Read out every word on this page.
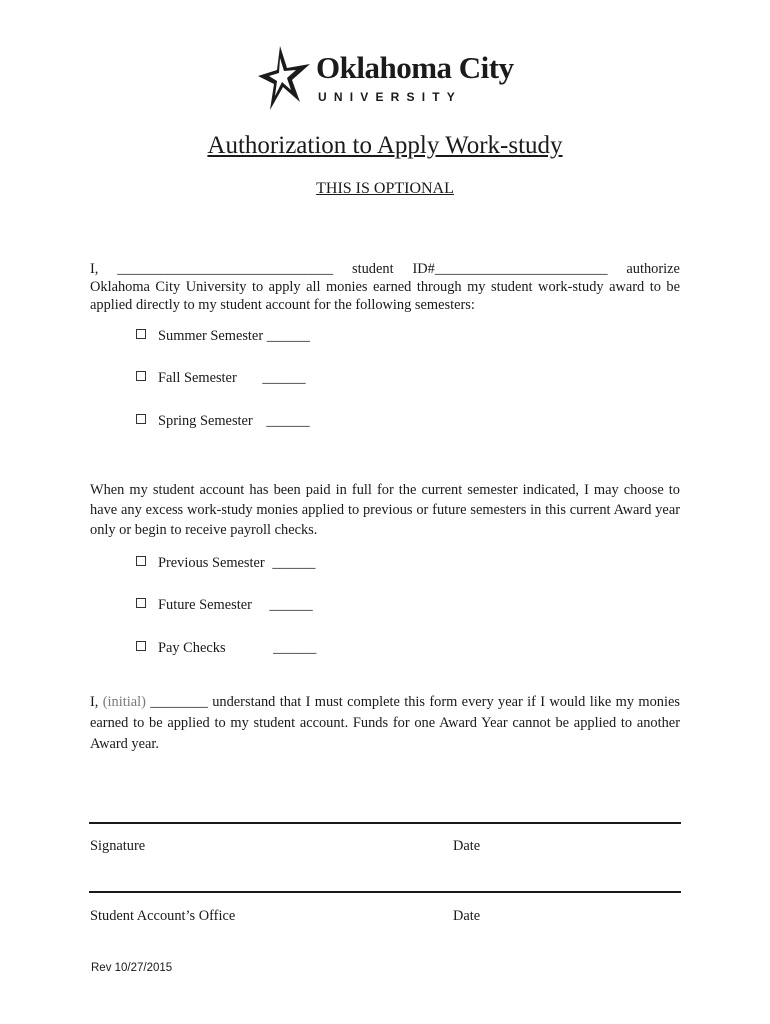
Oklahoma City
UNIVERSITY
Authorization to Apply Work-study
THIS IS OPTIONAL
I, ______________________________ student ID#________________________ authorize
Oklahoma City University to apply all monies earned through my student work-study award to be applied directly to my student account for the following semesters:
Summer Semester ______
Fall Semester ______
Spring Semester ______
When my student account has been paid in full for the current semester indicated, I may choose to have any excess work-study monies applied to previous or future semesters in this current Award year only or begin to receive payroll checks.
Previous Semester ______
Future Semester ______
Pay Checks	______
I, (initial) ________ understand that I must complete this form every year if I would like my monies earned to be applied to my student account. Funds for one Award Year cannot be applied to another Award year.
Signature	Date
Student Account’s Office	Date
Rev 10/27/2015
